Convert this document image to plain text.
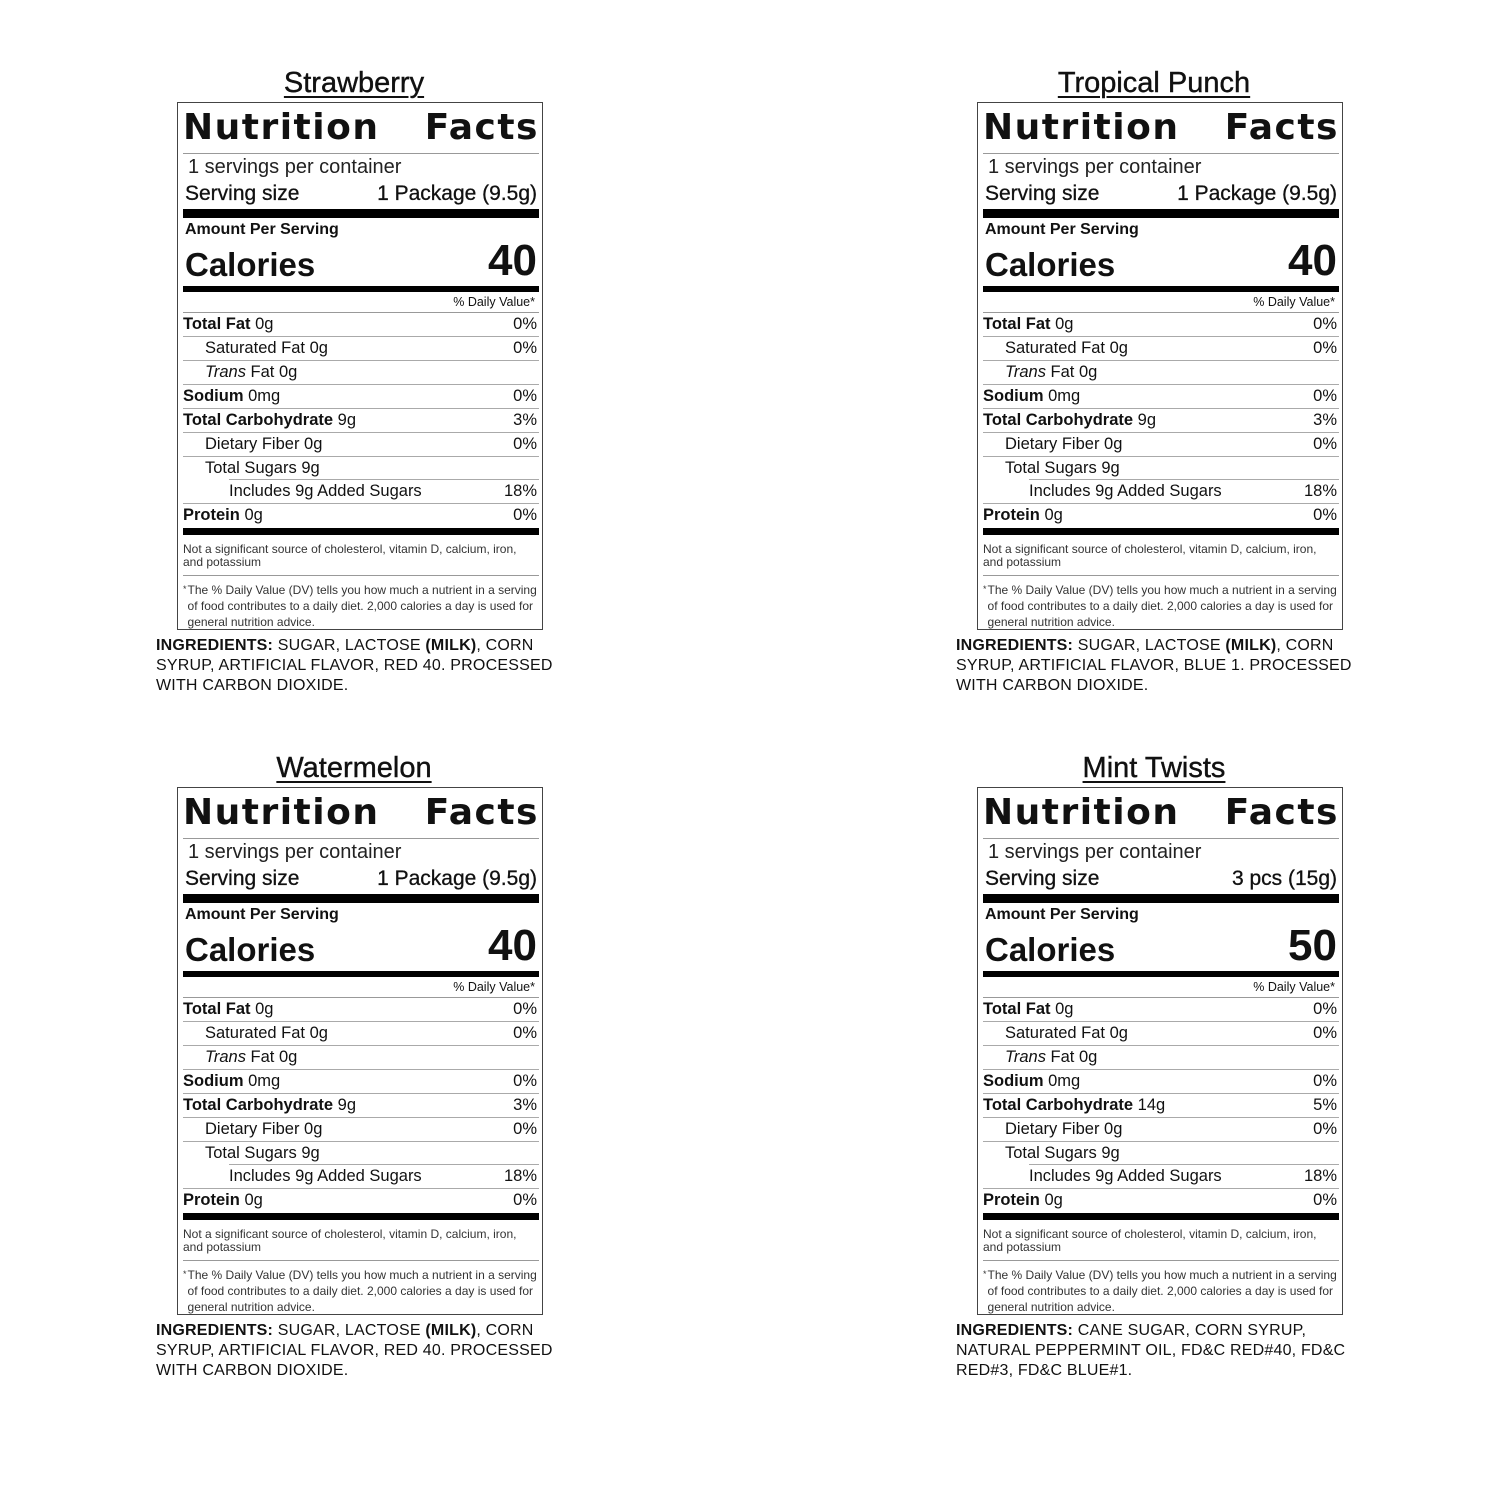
Strawberry
Nutrition Facts
1 servings per container
Serving size	1 Package (9.5g)
Amount Per Serving
Calories	40
% Daily Value*
Total Fat 0g	0%
Saturated Fat 0g	0%
Trans Fat 0g
Sodium 0mg	0%
Total Carbohydrate 9g	3%
Dietary Fiber 0g	0%
Total Sugars 9g
Includes 9g Added Sugars	18%
Protein 0g	0%
Not a significant source of cholesterol, vitamin D, calcium, iron, and potassium
* The % Daily Value (DV) tells you how much a nutrient in a serving of food contributes to a daily diet. 2,000 calories a day is used for general nutrition advice.
INGREDIENTS: SUGAR, LACTOSE (MILK), CORN SYRUP, ARTIFICIAL FLAVOR, RED 40. PROCESSED WITH CARBON DIOXIDE.
Tropical Punch
Nutrition Facts
1 servings per container
Serving size	1 Package (9.5g)
Amount Per Serving
Calories	40
% Daily Value*
Total Fat 0g	0%
Saturated Fat 0g	0%
Trans Fat 0g
Sodium 0mg	0%
Total Carbohydrate 9g	3%
Dietary Fiber 0g	0%
Total Sugars 9g
Includes 9g Added Sugars	18%
Protein 0g	0%
Not a significant source of cholesterol, vitamin D, calcium, iron, and potassium
* The % Daily Value (DV) tells you how much a nutrient in a serving of food contributes to a daily diet. 2,000 calories a day is used for general nutrition advice.
INGREDIENTS: SUGAR, LACTOSE (MILK), CORN SYRUP, ARTIFICIAL FLAVOR, BLUE 1. PROCESSED WITH CARBON DIOXIDE.
Watermelon
Nutrition Facts
1 servings per container
Serving size	1 Package (9.5g)
Amount Per Serving
Calories	40
% Daily Value*
Total Fat 0g	0%
Saturated Fat 0g	0%
Trans Fat 0g
Sodium 0mg	0%
Total Carbohydrate 9g	3%
Dietary Fiber 0g	0%
Total Sugars 9g
Includes 9g Added Sugars	18%
Protein 0g	0%
Not a significant source of cholesterol, vitamin D, calcium, iron, and potassium
* The % Daily Value (DV) tells you how much a nutrient in a serving of food contributes to a daily diet. 2,000 calories a day is used for general nutrition advice.
INGREDIENTS: SUGAR, LACTOSE (MILK), CORN SYRUP, ARTIFICIAL FLAVOR, RED 40. PROCESSED WITH CARBON DIOXIDE.
Mint Twists
Nutrition Facts
1 servings per container
Serving size	3 pcs (15g)
Amount Per Serving
Calories	50
% Daily Value*
Total Fat 0g	0%
Saturated Fat 0g	0%
Trans Fat 0g
Sodium 0mg	0%
Total Carbohydrate 14g	5%
Dietary Fiber 0g	0%
Total Sugars 9g
Includes 9g Added Sugars	18%
Protein 0g	0%
Not a significant source of cholesterol, vitamin D, calcium, iron, and potassium
* The % Daily Value (DV) tells you how much a nutrient in a serving of food contributes to a daily diet. 2,000 calories a day is used for general nutrition advice.
INGREDIENTS: CANE SUGAR, CORN SYRUP, NATURAL PEPPERMINT OIL, FD&C RED#40, FD&C RED#3, FD&C BLUE#1.
